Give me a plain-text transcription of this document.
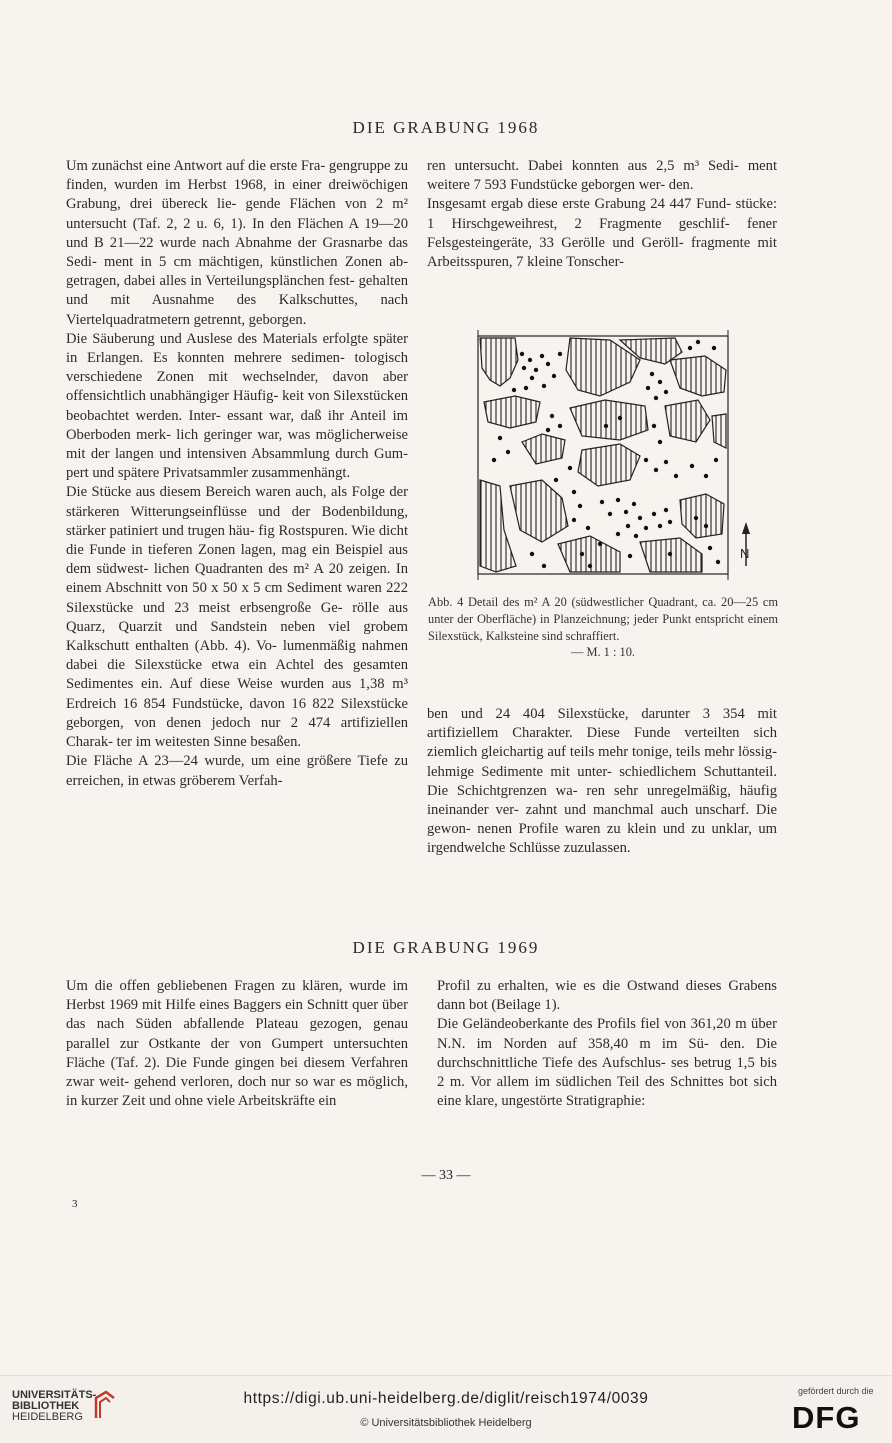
DIE GRABUNG 1968

Um zunächst eine Antwort auf die erste Fra- gengruppe zu finden, wurden im Herbst 1968, in einer dreiwöchigen Grabung, drei übereck lie- gende Flächen von 2 m² untersucht (Taf. 2, 2 u. 6, 1). In den Flächen A 19—20 und B 21—22 wurde nach Abnahme der Grasnarbe das Sedi- ment in 5 cm mächtigen, künstlichen Zonen ab- getragen, dabei alles in Verteilungsplänchen fest- gehalten und mit Ausnahme des Kalkschuttes, nach Viertelquadratmetern getrennt, geborgen.

Die Säuberung und Auslese des Materials erfolgte später in Erlangen. Es konnten mehrere sedimen- tologisch verschiedene Zonen mit wechselnder, davon aber offensichtlich unabhängiger Häufig- keit von Silexstücken beobachtet werden. Inter- essant war, daß ihr Anteil im Oberboden merk- lich geringer war, was möglicherweise mit der langen und intensiven Absammlung durch Gum- pert und spätere Privatsammler zusammenhängt.

Die Stücke aus diesem Bereich waren auch, als Folge der stärkeren Witterungseinflüsse und der Bodenbildung, stärker patiniert und trugen häu- fig Rostspuren. Wie dicht die Funde in tieferen Zonen lagen, mag ein Beispiel aus dem südwest- lichen Quadranten des m² A 20 zeigen. In einem Abschnitt von 50 x 50 x 5 cm Sediment waren 222 Silexstücke und 23 meist erbsengroße Ge- rölle aus Quarz, Quarzit und Sandstein neben viel grobem Kalkschutt enthalten (Abb. 4). Vo- lumenmäßig nahmen dabei die Silexstücke etwa ein Achtel des gesamten Sedimentes ein. Auf diese Weise wurden aus 1,38 m³ Erdreich 16 854 Fundstücke, davon 16 822 Silexstücke geborgen, von denen jedoch nur 2 474 artifiziellen Charak- ter im weitesten Sinne besaßen.

Die Fläche A 23—24 wurde, um eine größere Tiefe zu erreichen, in etwas gröberem Verfah-

ren untersucht. Dabei konnten aus 2,5 m³ Sedi- ment weitere 7 593 Fundstücke geborgen wer- den.

Insgesamt ergab diese erste Grabung 24 447 Fund- stücke: 1 Hirschgeweihrest, 2 Fragmente geschlif- fener Felsgesteingeräte, 33 Gerölle und Geröll- fragmente mit Arbeitsspuren, 7 kleine Tonscher-

N
Abb. 4 Detail des m² A 20 (südwestlicher Quadrant, ca. 20—25 cm unter der Oberfläche) in Planzeichnung; jeder Punkt entspricht einem Silexstück, Kalksteine sind schraffiert.
— M. 1 : 10.

ben und 24 404 Silexstücke, darunter 3 354 mit artifiziellem Charakter. Diese Funde verteilten sich ziemlich gleichartig auf teils mehr tonige, teils mehr lössig-lehmige Sedimente mit unter- schiedlichem Schuttanteil. Die Schichtgrenzen wa- ren sehr unregelmäßig, häufig ineinander ver- zahnt und manchmal auch unscharf. Die gewon- nenen Profile waren zu klein und zu unklar, um irgendwelche Schlüsse zuzulassen.

DIE GRABUNG 1969

Um die offen gebliebenen Fragen zu klären, wurde im Herbst 1969 mit Hilfe eines Baggers ein Schnitt quer über das nach Süden abfallende Plateau gezogen, genau parallel zur Ostkante der von Gumpert untersuchten Fläche (Taf. 2). Die Funde gingen bei diesem Verfahren zwar weit- gehend verloren, doch nur so war es möglich, in kurzer Zeit und ohne viele Arbeitskräfte ein

Profil zu erhalten, wie es die Ostwand dieses Grabens dann bot (Beilage 1).

Die Geländeoberkante des Profils fiel von 361,20 m über N.N. im Norden auf 358,40 m im Sü- den. Die durchschnittliche Tiefe des Aufschlus- ses betrug 1,5 bis 2 m. Vor allem im südlichen Teil des Schnittes bot sich eine klare, ungestörte Stratigraphie:

— 33 —
3
UNIVERSITÄTS-
BIBLIOTHEK
HEIDELBERG
https://digi.ub.uni-heidelberg.de/diglit/reisch1974/0039
© Universitätsbibliothek Heidelberg
gefördert durch die
DFG
